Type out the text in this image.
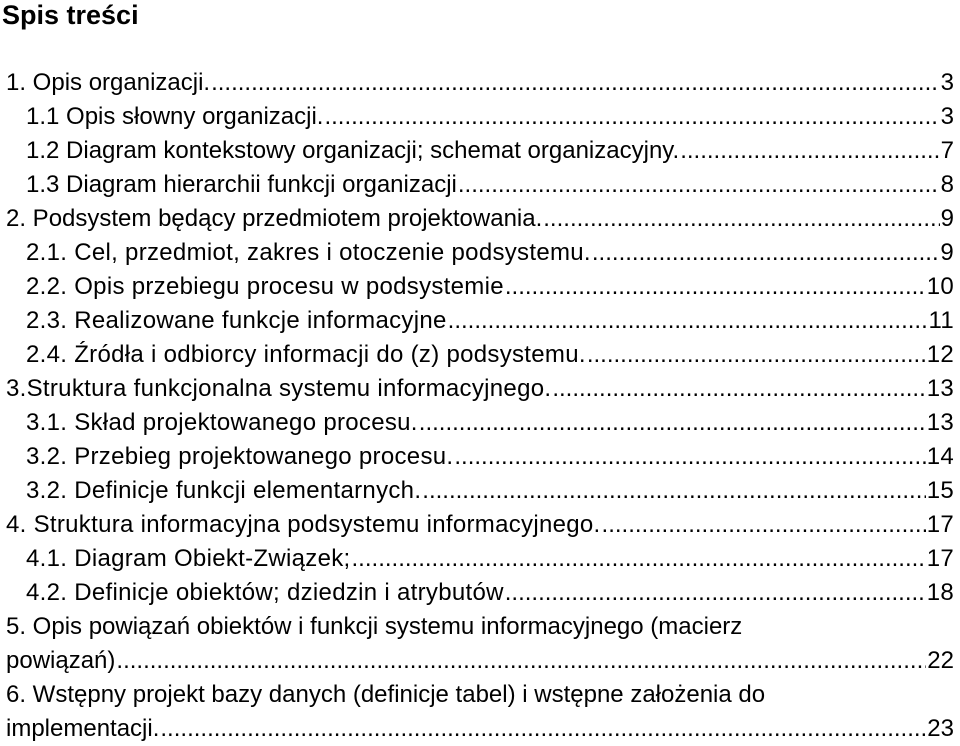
Spis treści
1. Opis organizacji. .....	3
1.1 Opis słowny organizacji. .....	3
1.2 Diagram kontekstowy organizacji; schemat organizacyjny. .....	7
1.3 Diagram hierarchii funkcji organizacji .....	8
2. Podsystem będący przedmiotem projektowania. .....	9
2.1. Cel, przedmiot, zakres i otoczenie podsystemu. .....	9
2.2. Opis przebiegu procesu w podsystemie .....	10
2.3. Realizowane funkcje informacyjne .....	11
2.4. Źródła i odbiorcy informacji do (z) podsystemu. .....	12
3.Struktura funkcjonalna systemu informacyjnego. .....	13
3.1. Skład projektowanego procesu. .....	13
3.2. Przebieg projektowanego procesu. .....	14
3.2. Definicje funkcji elementarnych. .....	15
4. Struktura informacyjna podsystemu informacyjnego. .....	17
4.1. Diagram Obiekt-Związek; .....	17
4.2. Definicje obiektów; dziedzin i atrybutów .....	18
5. Opis powiązań obiektów i funkcji systemu informacyjnego (macierz
powiązań) .....	22
6. Wstępny projekt bazy danych (definicje tabel) i wstępne założenia do
implementacji. .....	23
